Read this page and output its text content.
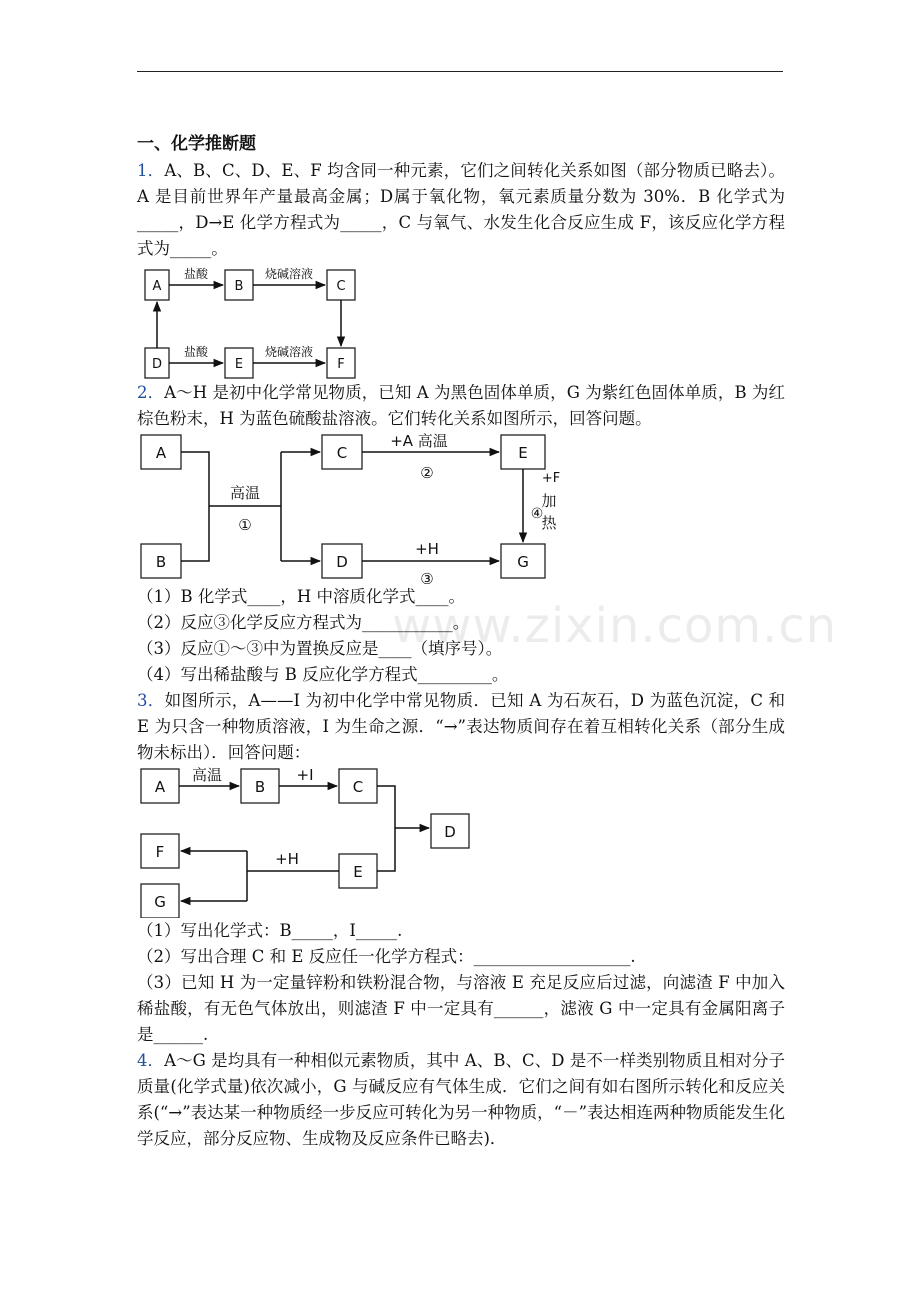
一、化学推断题

1．A、B、C、D、E、F 均含同一种元素，它们之间转化关系如图（部分物质已略去）。A 是目前世界年产量最高金属；D属于氧化物，氧元素质量分数为 30%．B 化学式为_____，D→E 化学方程式为_____，C 与氧气、水发生化合反应生成 F，该反应化学方程式为_____。

A	B	C
D	E	F
盐酸	烧碱溶液
盐酸	烧碱溶液

2．A～H 是初中化学常见物质，已知 A 为黑色固体单质，G 为紫红色固体单质，B 为红棕色粉末，H 为蓝色硫酸盐溶液。它们转化关系如图所示，回答问题。

A
B
C
D
E
G
高温
①
+A 高温
②
+H
③
+F
④
加
热

（1）B 化学式____，H 中溶质化学式____。

（2）反应③化学反应方程式为___________。

（3）反应①～③中为置换反应是____（填序号）。

（4）写出稀盐酸与 B 反应化学方程式_________。

3．如图所示，A——I 为初中化学中常见物质．已知 A 为石灰石，D 为蓝色沉淀，C 和 E 为只含一种物质溶液，I 为生命之源．“→”表达物质间存在着互相转化关系（部分生成物未标出）．回答问题：

A	B	C
D
E
F
G
高温	+I
+H

（1）写出化学式：B_____，I_____.

（2）写出合理 C 和 E 反应任一化学方程式：___________________.

（3）已知 H 为一定量锌粉和铁粉混合物，与溶液 E 充足反应后过滤，向滤渣 F 中加入稀盐酸，有无色气体放出，则滤渣 F 中一定具有______，滤液 G 中一定具有金属阳离子是______.

4．A～G 是均具有一种相似元素物质，其中 A、B、C、D 是不一样类别物质且相对分子质量(化学式量)依次减小，G 与碱反应有气体生成．它们之间有如右图所示转化和反应关系(“→”表达某一种物质经一步反应可转化为另一种物质，“－”表达相连两种物质能发生化学反应，部分反应物、生成物及反应条件已略去)．

www.zixin.com.cn
